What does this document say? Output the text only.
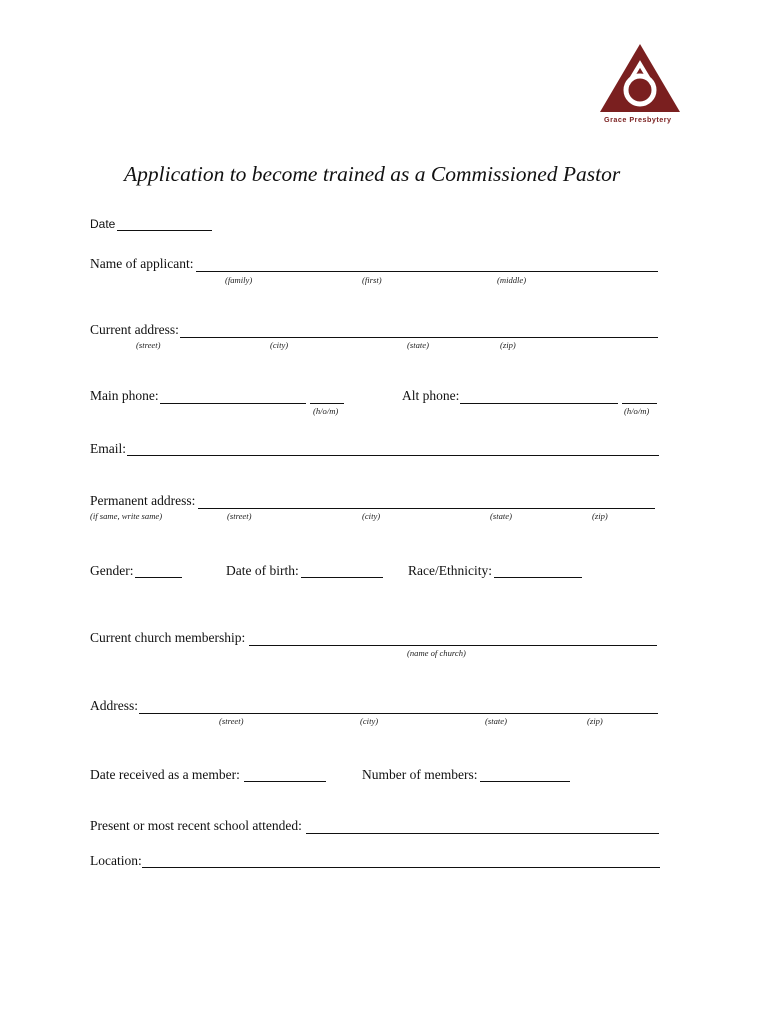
Grace Presbytery
Application to become trained as a Commissioned Pastor
Date
Name of applicant:
(family)	(first)	(middle)
Current address:
(street)	(city)	(state)	(zip)
Main phone:
(h/o/m)
Alt phone:
(h/o/m)
Email:
Permanent address:
(if same, write same)	(street)	(city)	(state)	(zip)
Gender:	Date of birth:	Race/Ethnicity:
Current church membership:
(name of church)
Address:
(street)	(city)	(state)	(zip)
Date received as a member:	Number of members:
Present or most recent school attended:
Location:
